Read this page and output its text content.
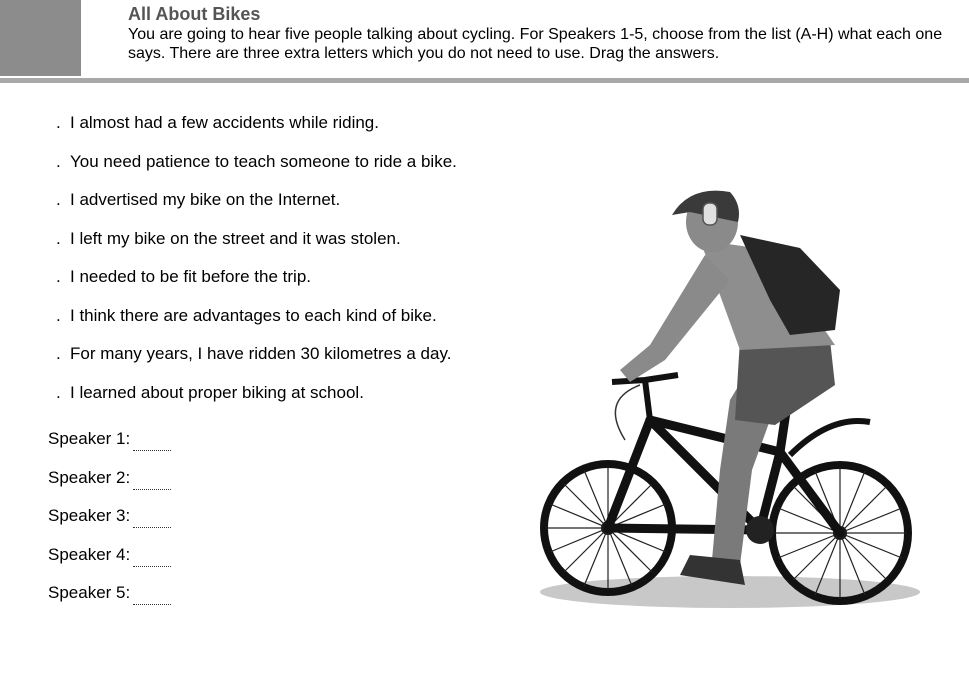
All About Bikes
You are going to hear five people talking about cycling. For Speakers 1-5, choose from the list (A-H) what each one says. There are three extra letters which you do not need to use. Drag the answers.
. I almost had a few accidents while riding.
. You need patience to teach someone to ride a bike.
. I advertised my bike on the Internet.
. I left my bike on the street and it was stolen.
. I needed to be fit before the trip.
. I think there are advantages to each kind of bike.
. For many years, I have ridden 30 kilometres a day.
. I learned about proper biking at school.
Speaker 1:
Speaker 2:
Speaker 3:
Speaker 4:
Speaker 5:
